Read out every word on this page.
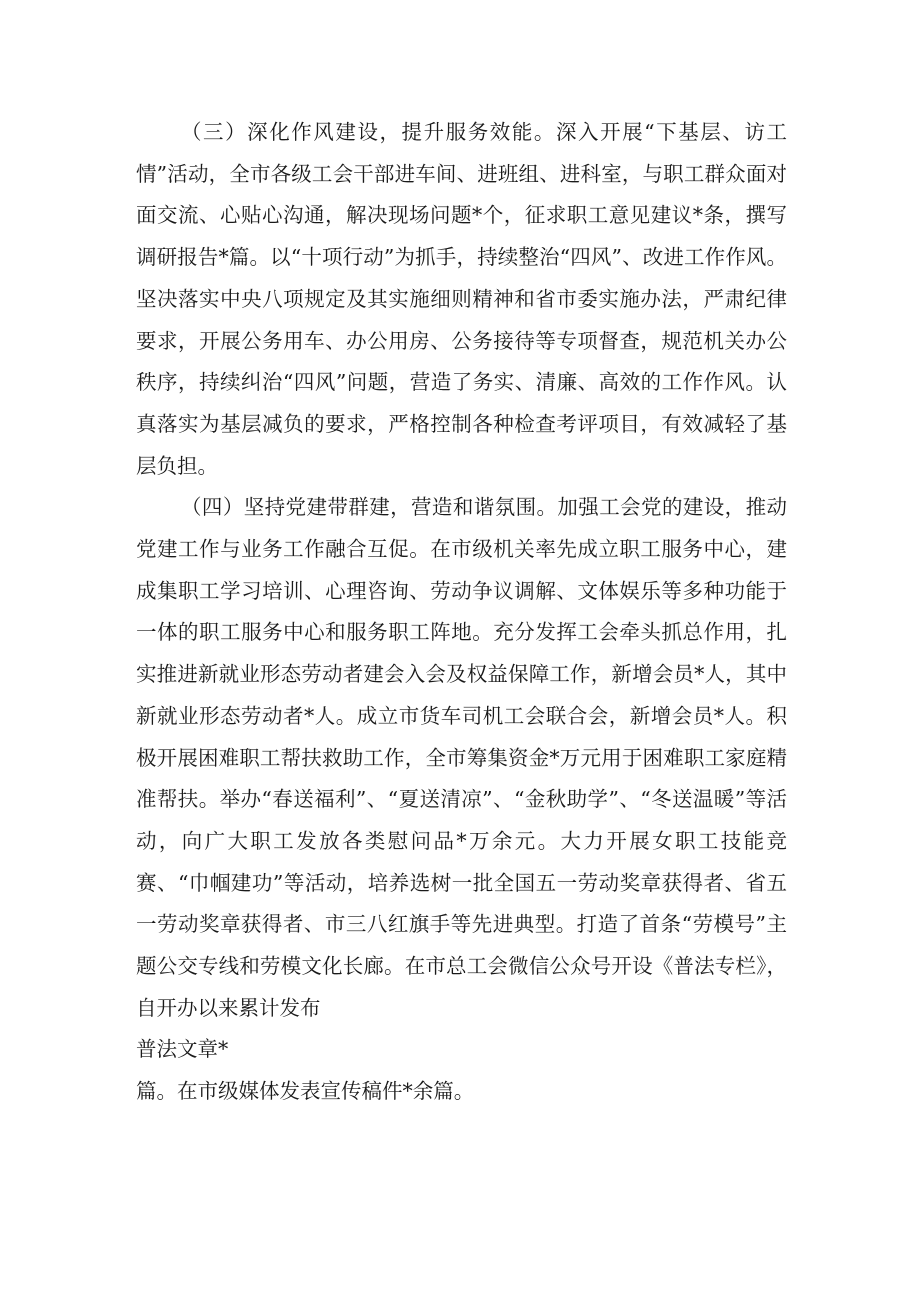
（三）深化作风建设，提升服务效能。深入开展“下基层、访工情”活动，全市各级工会干部进车间、进班组、进科室，与职工群众面对面交流、心贴心沟通，解决现场问题*个，征求职工意见建议*条，撰写调研报告*篇。以“十项行动”为抓手，持续整治“四风”、改进工作作风。坚决落实中央八项规定及其实施细则精神和省市委实施办法，严肃纪律要求，开展公务用车、办公用房、公务接待等专项督查，规范机关办公秩序，持续纠治“四风”问题，营造了务实、清廉、高效的工作作风。认真落实为基层减负的要求，严格控制各种检查考评项目，有效减轻了基层负担。

（四）坚持党建带群建，营造和谐氛围。加强工会党的建设，推动党建工作与业务工作融合互促。在市级机关率先成立职工服务中心，建成集职工学习培训、心理咨询、劳动争议调解、文体娱乐等多种功能于一体的职工服务中心和服务职工阵地。充分发挥工会牵头抓总作用，扎实推进新就业形态劳动者建会入会及权益保障工作，新增会员*人，其中新就业形态劳动者*人。成立市货车司机工会联合会，新增会员*人。积极开展困难职工帮扶救助工作，全市筹集资金*万元用于困难职工家庭精准帮扶。举办“春送福利”、“夏送清凉”、“金秋助学”、“冬送温暖”等活动，向广大职工发放各类慰问品*万余元。大力开展女职工技能竞赛、“巾帼建功”等活动，培养选树一批全国五一劳动奖章获得者、省五一劳动奖章获得者、市三八红旗手等先进典型。打造了首条“劳模号”主题公交专线和劳模文化长廊。在市总工会微信公众号开设《普法专栏》，自开办以来累计发布

普法文章*

篇。在市级媒体发表宣传稿件*余篇。
